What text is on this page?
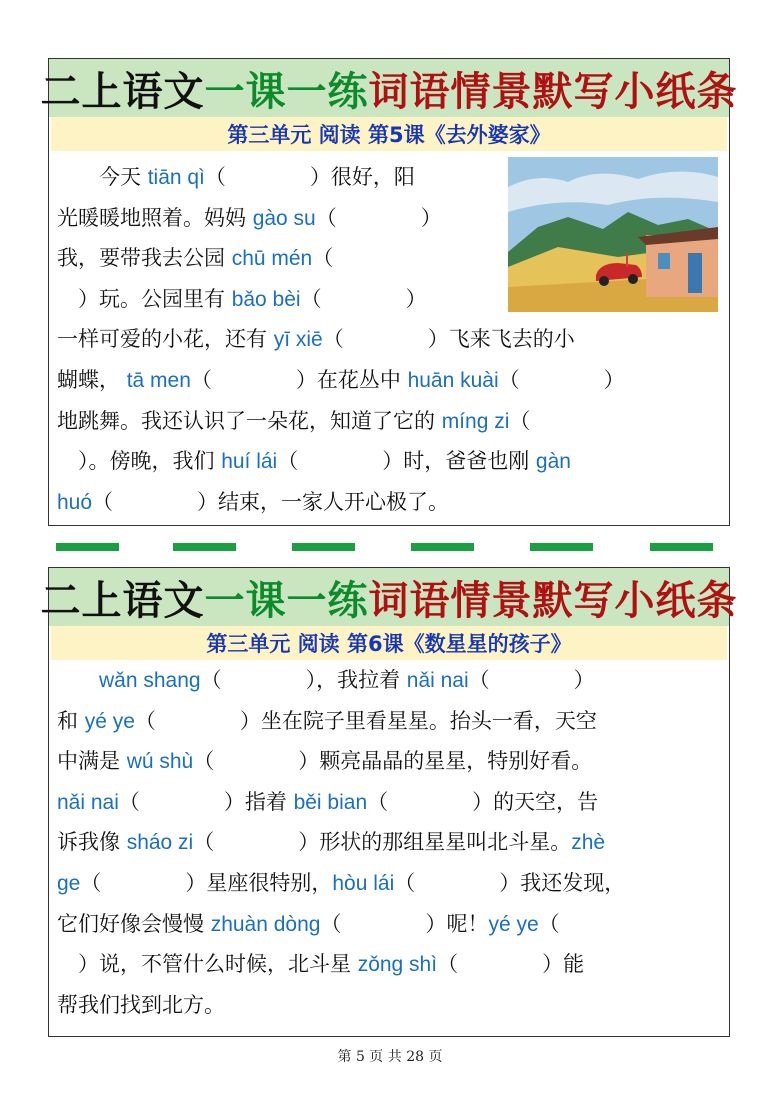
二上语文 一课一练 词语情景默写小纸条
第三单元 阅读 第5课《去外婆家》
　　今天 tiān qì（　　　　）很好，阳
光暖暖地照着。妈妈 gào su（　　　　）
我，要带我去公园 chū mén（
　）玩。公园里有 bǎo bèi（　　　　）
一样可爱的小花，还有 yī xiē（　　　　）飞来飞去的小
蝴蝶， tā men（　　　　）在花丛中 huān kuài（　　　　）
地跳舞。我还认识了一朵花，知道了它的 míng zi（
　）。傍晚，我们 huí lái（　　　　）时，爸爸也刚 gàn
huó（　　　　）结束，一家人开心极了。
二上语文 一课一练 词语情景默写小纸条
第三单元 阅读 第6课《数星星的孩子》
　　wǎn shang（　　　　），我拉着 nǎi nai（　　　　）
和 yé ye（　　　　）坐在院子里看星星。抬头一看，天空
中满是 wú shù（　　　　）颗亮晶晶的星星，特别好看。
nǎi nai（　　　　）指着 běi bian（　　　　）的天空，告
诉我像 sháo zi（　　　　）形状的那组星星叫北斗星。zhè
ge（　　　　）星座很特别，hòu lái（　　　　）我还发现，
它们好像会慢慢 zhuàn dòng（　　　　）呢！yé ye（
　）说，不管什么时候，北斗星 zǒng shì（　　　　）能
帮我们找到北方。
第 5 页 共 28 页
